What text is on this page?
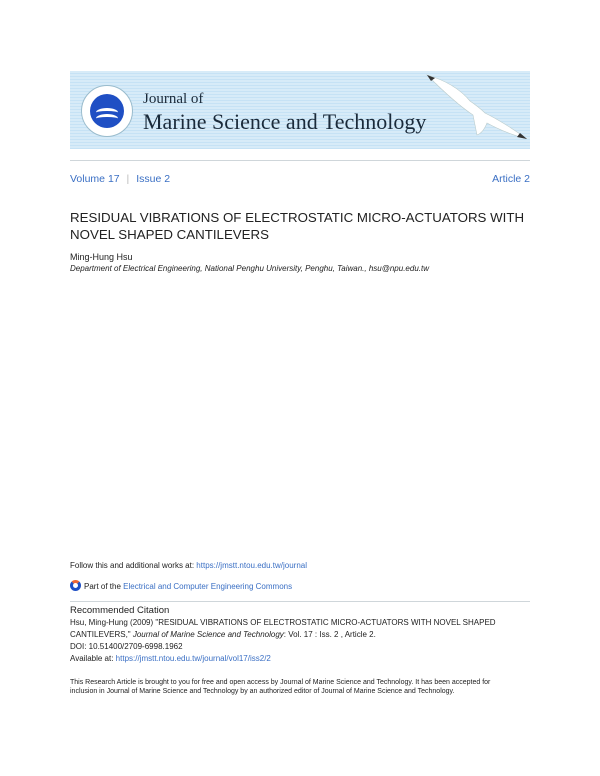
Journal of
Marine Science and Technology
Volume 17 | Issue 2	Article 2
RESIDUAL VIBRATIONS OF ELECTROSTATIC MICRO-ACTUATORS WITH
NOVEL SHAPED CANTILEVERS
Ming-Hung Hsu
Department of Electrical Engineering, National Penghu University, Penghu, Taiwan., hsu@npu.edu.tw
Follow this and additional works at: https://jmstt.ntou.edu.tw/journal
Part of the Electrical and Computer Engineering Commons
Recommended Citation
Hsu, Ming-Hung (2009) "RESIDUAL VIBRATIONS OF ELECTROSTATIC MICRO-ACTUATORS WITH NOVEL SHAPED
CANTILEVERS," Journal of Marine Science and Technology: Vol. 17 : Iss. 2 , Article 2.
DOI: 10.51400/2709-6998.1962
Available at: https://jmstt.ntou.edu.tw/journal/vol17/iss2/2
This Research Article is brought to you for free and open access by Journal of Marine Science and Technology. It has been accepted for inclusion in Journal of Marine Science and Technology by an authorized editor of Journal of Marine Science and Technology.
